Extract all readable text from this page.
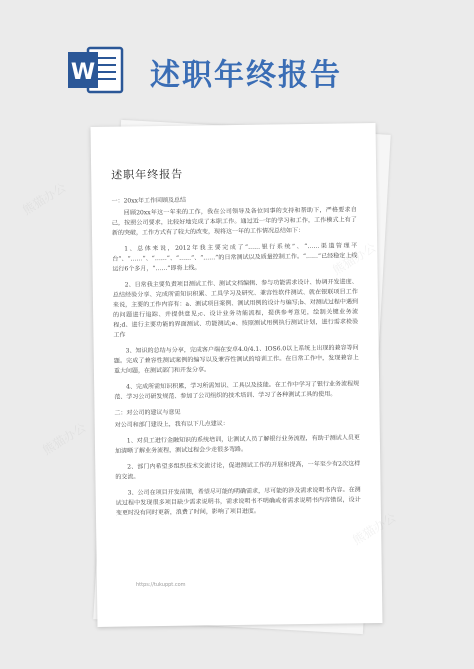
W 述职年终报告
述职年终报告
一：20xx年工作回顾及总结
回顾20xx年这一年来的工作，我在公司领导及各位同事的支持和帮助下，严格要求自己，按照公司要求，比较好地完成了本职工作。通过近一年的学习和工作，工作模式上有了新的突破，工作方式有了较大的改变，现将这一年的工作情况总结如下：
1、总体来说，2012年我主要完成了“……银行系统”、“……渠道管理平台”、“……”、“……”、“……”、“……”的日常测试以及质量控制工作。“……”已经稳定上线运行6个多月，“……”即将上线。
2、日常我主要负责项目测试工作、测试文档编辑、参与功能需求设计、协调开发进度、总结经验分享、完成所需知识积累、工具学习及研究、兼容性软件测试、就在银联项目工作来说，主要的工作内容有：a、测试项目案例、测试用例的设计与编写;b、对测试过程中遇到的问题进行追踪、并提供意见;c、设计业务功能流程，提供参考意见，绘制关键业务流程;d、进行主要功能的界面测试、功能测试;e、按照测试用例执行测试计划，进行需求检验工作
3、知识的总结与分享，完成客户端在安卓4.0/4.1、IOS6.0以上系统上出现的兼容等问题。完成了兼容性测试案例的编写以及兼容性测试的培训工作。在日常工作中，发现兼容上重大问题，在测试部门和开发分享。
4、完成所需知识积累，学习所需知识、工具以及技能。在工作中学习了银行业务流程规范、学习公司研发规范、参加了公司组织的技术培训、学习了各种测试工具的使用。
二：对公司的建议与意见
对公司和部门建设上，我有以下几点建议：
1、对员工进行金融知识的系统培训，让测试人员了解银行业务流程，有助于测试人员更加清晰了解业务流程，测试过程会少走很多弯路。
2、部门内希望多组织技术交流讨论，促进测试工作的开展和提高，一年至少有2次这样的交流。
3、公司在项目开发前期，希望尽可能的明确需求，尽可能的涉及需求说明书内容。在测试过程中发现很多项目缺少需求说明书，需求说明书不明确或者需求说明书内容错误，设计变更时没有同时更新，浪费了时间，影响了项目进度。
https://tukuppt.com
熊猫办公
熊猫办公
